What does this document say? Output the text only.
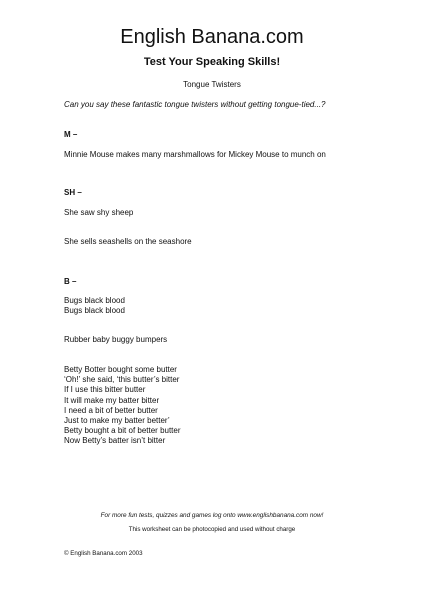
English Banana.com
Test Your Speaking Skills!
Tongue Twisters
Can you say these fantastic tongue twisters without getting tongue-tied...?
M –
Minnie Mouse makes many marshmallows for Mickey Mouse to munch on
SH –
She saw shy sheep
She sells seashells on the seashore
B –
Bugs black blood
Bugs black blood
Rubber baby buggy bumpers
Betty Botter bought some butter
‘Oh!’ she said, ‘this butter’s bitter
If I use this bitter butter
It will make my batter bitter
I need a bit of better butter
Just to make my batter better’
Betty bought a bit of better butter
Now Betty’s batter isn’t bitter
For more fun tests, quizzes and games log onto www.englishbanana.com now!
This worksheet can be photocopied and used without charge
© English Banana.com 2003
